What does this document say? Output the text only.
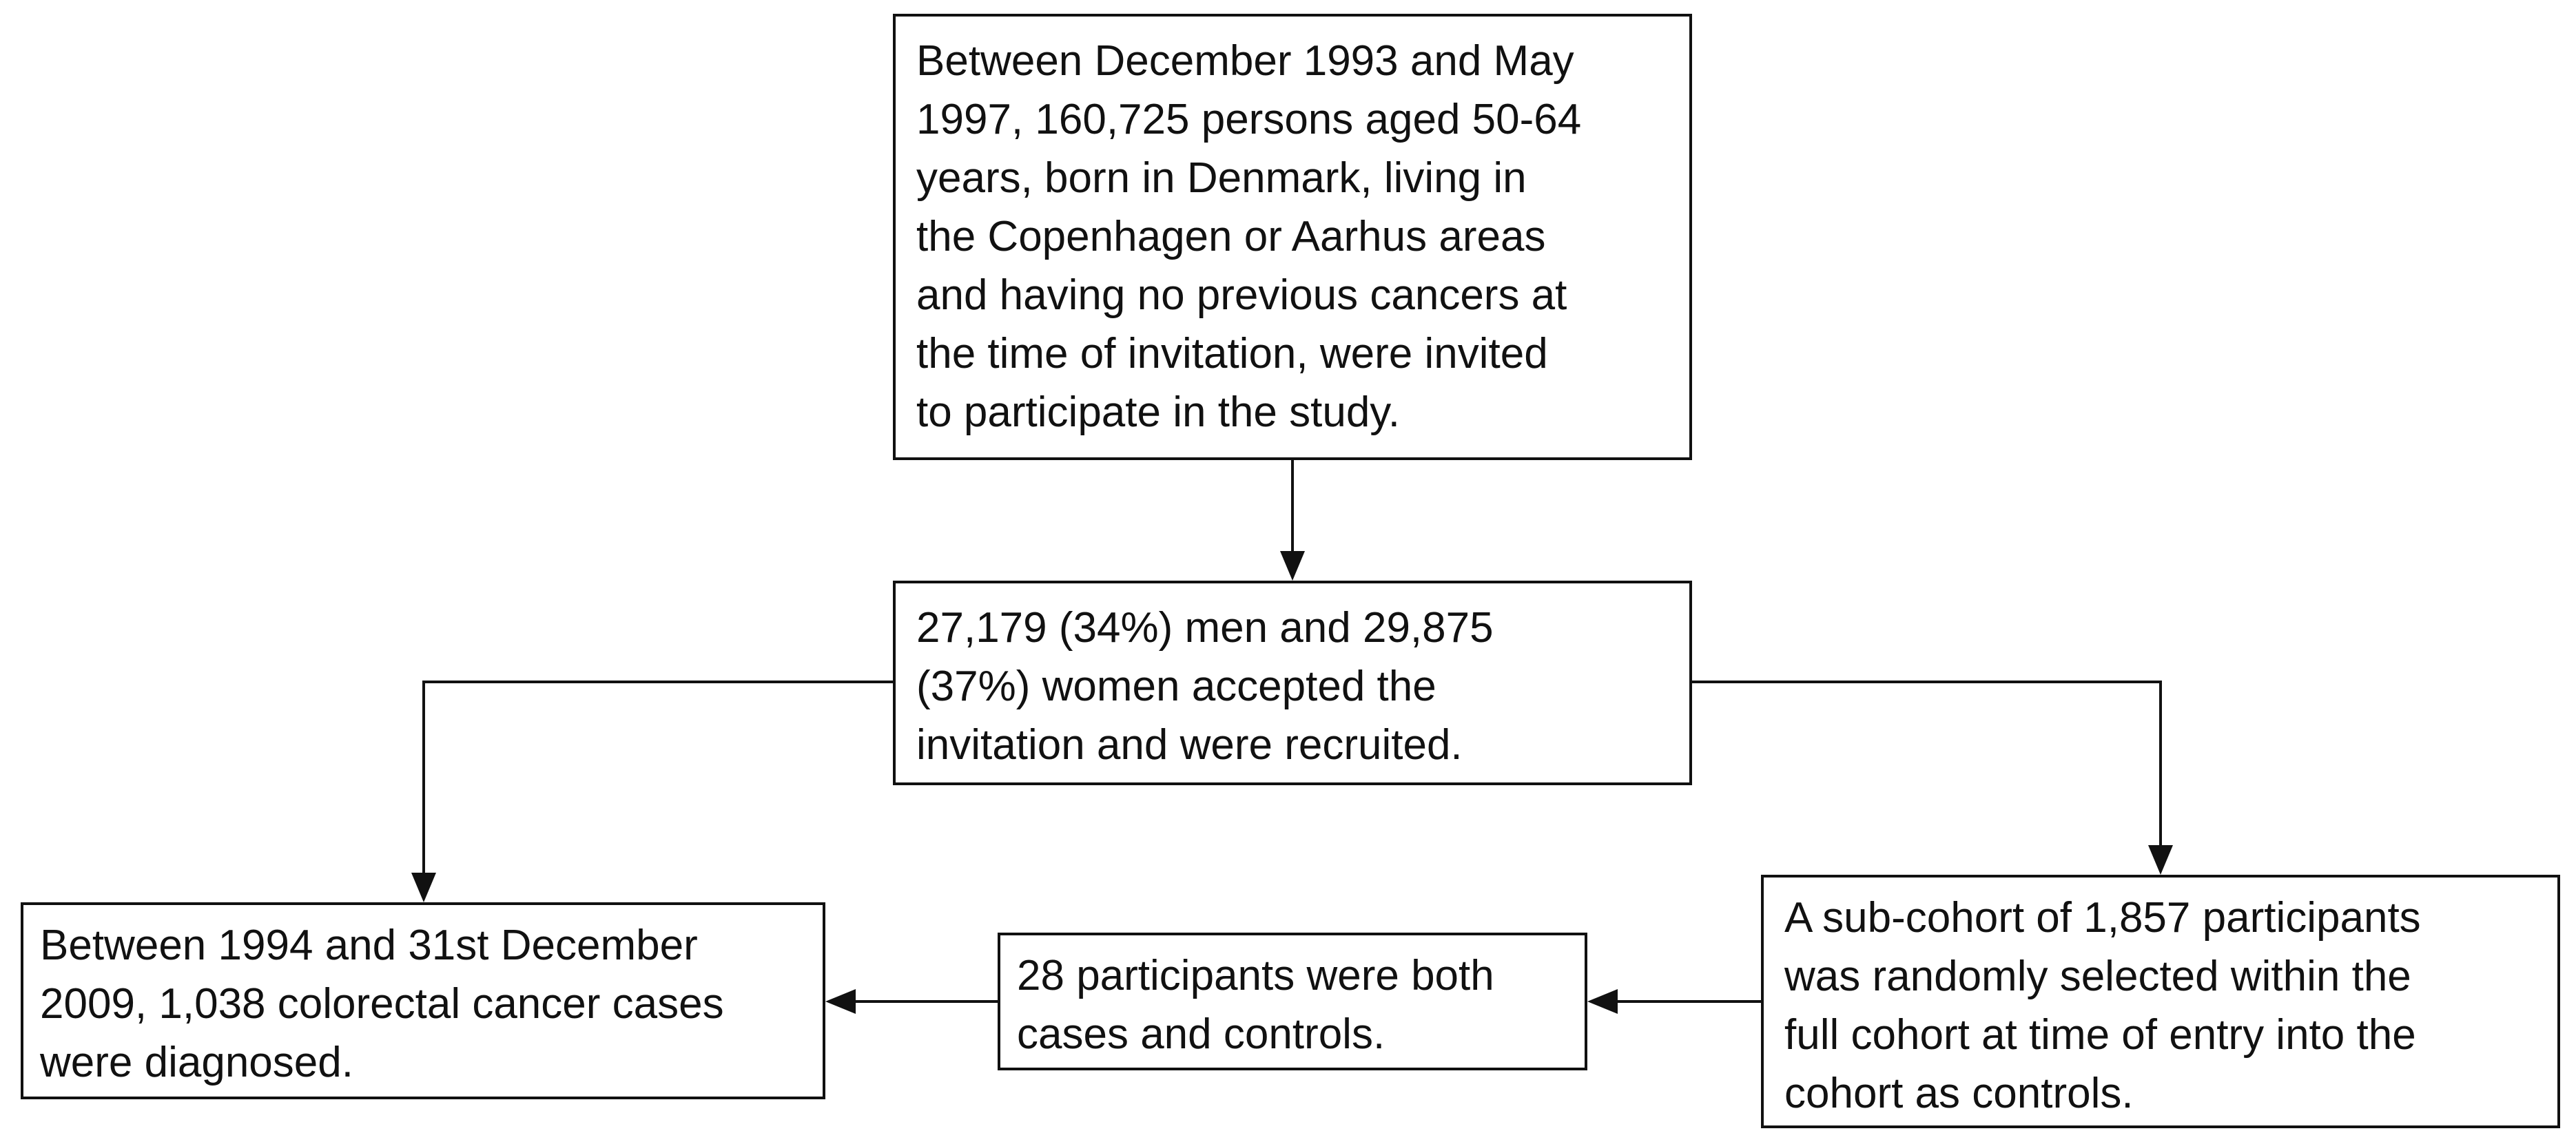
Between December 1993 and May
1997, 160,725 persons aged 50-64
years, born in Denmark, living in
the Copenhagen or Aarhus areas
and having no previous cancers at
the time of invitation, were invited
to participate in the study.
27,179 (34%) men and 29,875
(37%) women accepted the
invitation and were recruited.
Between 1994 and 31st December
2009, 1,038 colorectal cancer cases
were diagnosed.
28 participants were both
cases and controls.
A sub-cohort of 1,857 participants
was randomly selected within the
full cohort at time of entry into the
cohort as controls.
